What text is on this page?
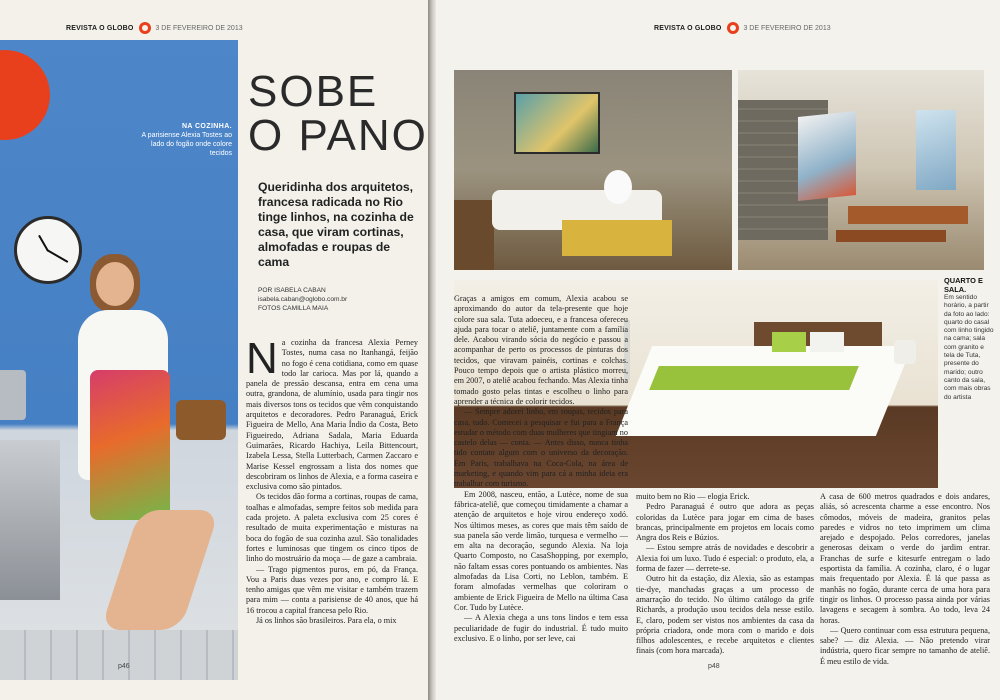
REVISTA O GLOBO	3 DE FEVEREIRO DE 2013
NA COZINHA.
A parisiense Alexia Tostes ao lado do fogão onde colore tecidos
SOBE O PANO
Queridinha dos arquitetos, francesa radicada no Rio tinge linhos, na cozinha de casa, que viram cortinas, almofadas e roupas de cama
POR ISABELA CABAN
isabela.caban@oglobo.com.br
FOTOS CAMILLA MAIA
N a cozinha da francesa Alexia Perney Tostes, numa casa no Itanhangá, feijão no fogo é cena cotidiana, como em quase todo lar carioca. Mas por lá, quando a panela de pressão descansa, entra em cena uma outra, grandona, de alumínio, usada para tingir nos mais diversos tons os tecidos que vêm conquistando arquitetos e decoradores. Pedro Paranaguá, Erick Figueira de Mello, Ana Maria Índio da Costa, Beto Figueiredo, Adriana Sadala, Maria Eduarda Guimarães, Ricardo Hachiya, Leila Bittencourt, Izabela Lessa, Stella Lutterbach, Carmen Zaccaro e Marise Kessel engrossam a lista dos nomes que descobriram os linhos de Alexia, e a forma caseira e exclusiva como são pintados.

Os tecidos dão forma a cortinas, roupas de cama, toalhas e almofadas, sempre feitos sob medida para cada projeto. A paleta exclusiva com 25 cores é resultado de muita experimentação e misturas na boca do fogão de sua cozinha azul. São tonalidades fortes e luminosas que tingem os cinco tipos de linho do mostruário da moça — de gaze a cambraia.

— Trago pigmentos puros, em pó, da França. Vou a Paris duas vezes por ano, e compro lá. E tenho amigas que vêm me visitar e também trazem para mim — conta a parisiense de 40 anos, que há 16 trocou a capital francesa pelo Rio.

Já os linhos são brasileiros. Para ela, o mix

p46
REVISTA O GLOBO	3 DE FEVEREIRO DE 2013
QUARTO E SALA.
Em sentido horário, a partir da foto ao lado: quarto do casal com linho tingido na cama; sala com granito e tela de Tuta, presente do marido; outro canto da sala, com mais obras do artista

Graças a amigos em comum, Alexia acabou se aproximando do autor da tela-presente que hoje colore sua sala. Tuta adoeceu, e a francesa ofereceu ajuda para tocar o ateliê, juntamente com a família dele. Acabou virando sócia do negócio e passou a acompanhar de perto os processos de pinturas dos tecidos, que viravam painéis, cortinas e colchas. Pouco tempo depois que o artista plástico morreu, em 2007, o ateliê acabou fechando. Mas Alexia tinha tomado gosto pelas tintas e escolheu o linho para aprender a técnica de colorir tecidos.

— Sempre adorei linho, em roupas, tecidos para casa, tudo. Comecei a pesquisar e fui para a França estudar o método com duas mulheres que tingiam no castelo delas — conta. — Antes disso, nunca tinha tido contato algum com o universo da decoração. Em Paris, trabalhava na Coca-Cola, na área de marketing, e quando vim para cá a minha ideia era trabalhar com turismo.

Em 2008, nasceu, então, a Lutèce, nome de sua fábrica-ateliê, que começou timidamente a chamar a atenção de arquitetos e hoje virou endereço xodó. Nos últimos meses, as cores que mais têm saído de sua panela são verde limão, turquesa e vermelho — em alta na decoração, segundo Alexia. Na loja Quarto Composto, no CasaShopping, por exemplo, não faltam essas cores pontuando os ambientes. Nas almofadas da Lisa Corti, no Leblon, também. E foram almofadas vermelhas que coloriram o ambiente de Erick Figueira de Mello na última Casa Cor. Tudo by Lutèce.

— A Alexia chega a uns tons lindos e tem essa peculiaridade de fugir do industrial. É tudo muito exclusivo. E o linho, por ser leve, cai

muito bem no Rio — elogia Erick.

Pedro Paranaguá é outro que adora as peças coloridas da Lutèce para jogar em cima de bases brancas, principalmente em projetos em locais como Angra dos Reis e Búzios.

— Estou sempre atrás de novidades e descobrir a Alexia foi um luxo. Tudo é especial: o produto, ela, a forma de fazer — derrete-se.

Outro hit da estação, diz Alexia, são as estampas tie-dye, manchadas graças a um processo de amarração do tecido. No último catálogo da grife Richards, a produção usou tecidos dela nesse estilo. E, claro, podem ser vistos nos ambientes da casa da própria criadora, onde mora com o marido e dois filhos adolescentes, e recebe arquitetos e clientes finais (com hora marcada).

A casa de 600 metros quadrados e dois andares, aliás, só acrescenta charme a esse encontro. Nos cômodos, móveis de madeira, granitos pelas paredes e vidros no teto imprimem um clima arejado e despojado. Pelos corredores, janelas generosas deixam o verde do jardim entrar. Franchas de surfe e kitesurfe entregam o lado esportista da família. A cozinha, claro, é o lugar mais frequentado por Alexia. É lá que passa as manhãs no fogão, durante cerca de uma hora para tingir os linhos. O processo passa ainda por várias lavagens e secagem à sombra. Ao todo, leva 24 horas.

— Quero continuar com essa estrutura pequena, sabe? — diz Alexia. — Não pretendo virar indústria, quero ficar sempre no tamanho de ateliê. É meu estilo de vida.

p48
